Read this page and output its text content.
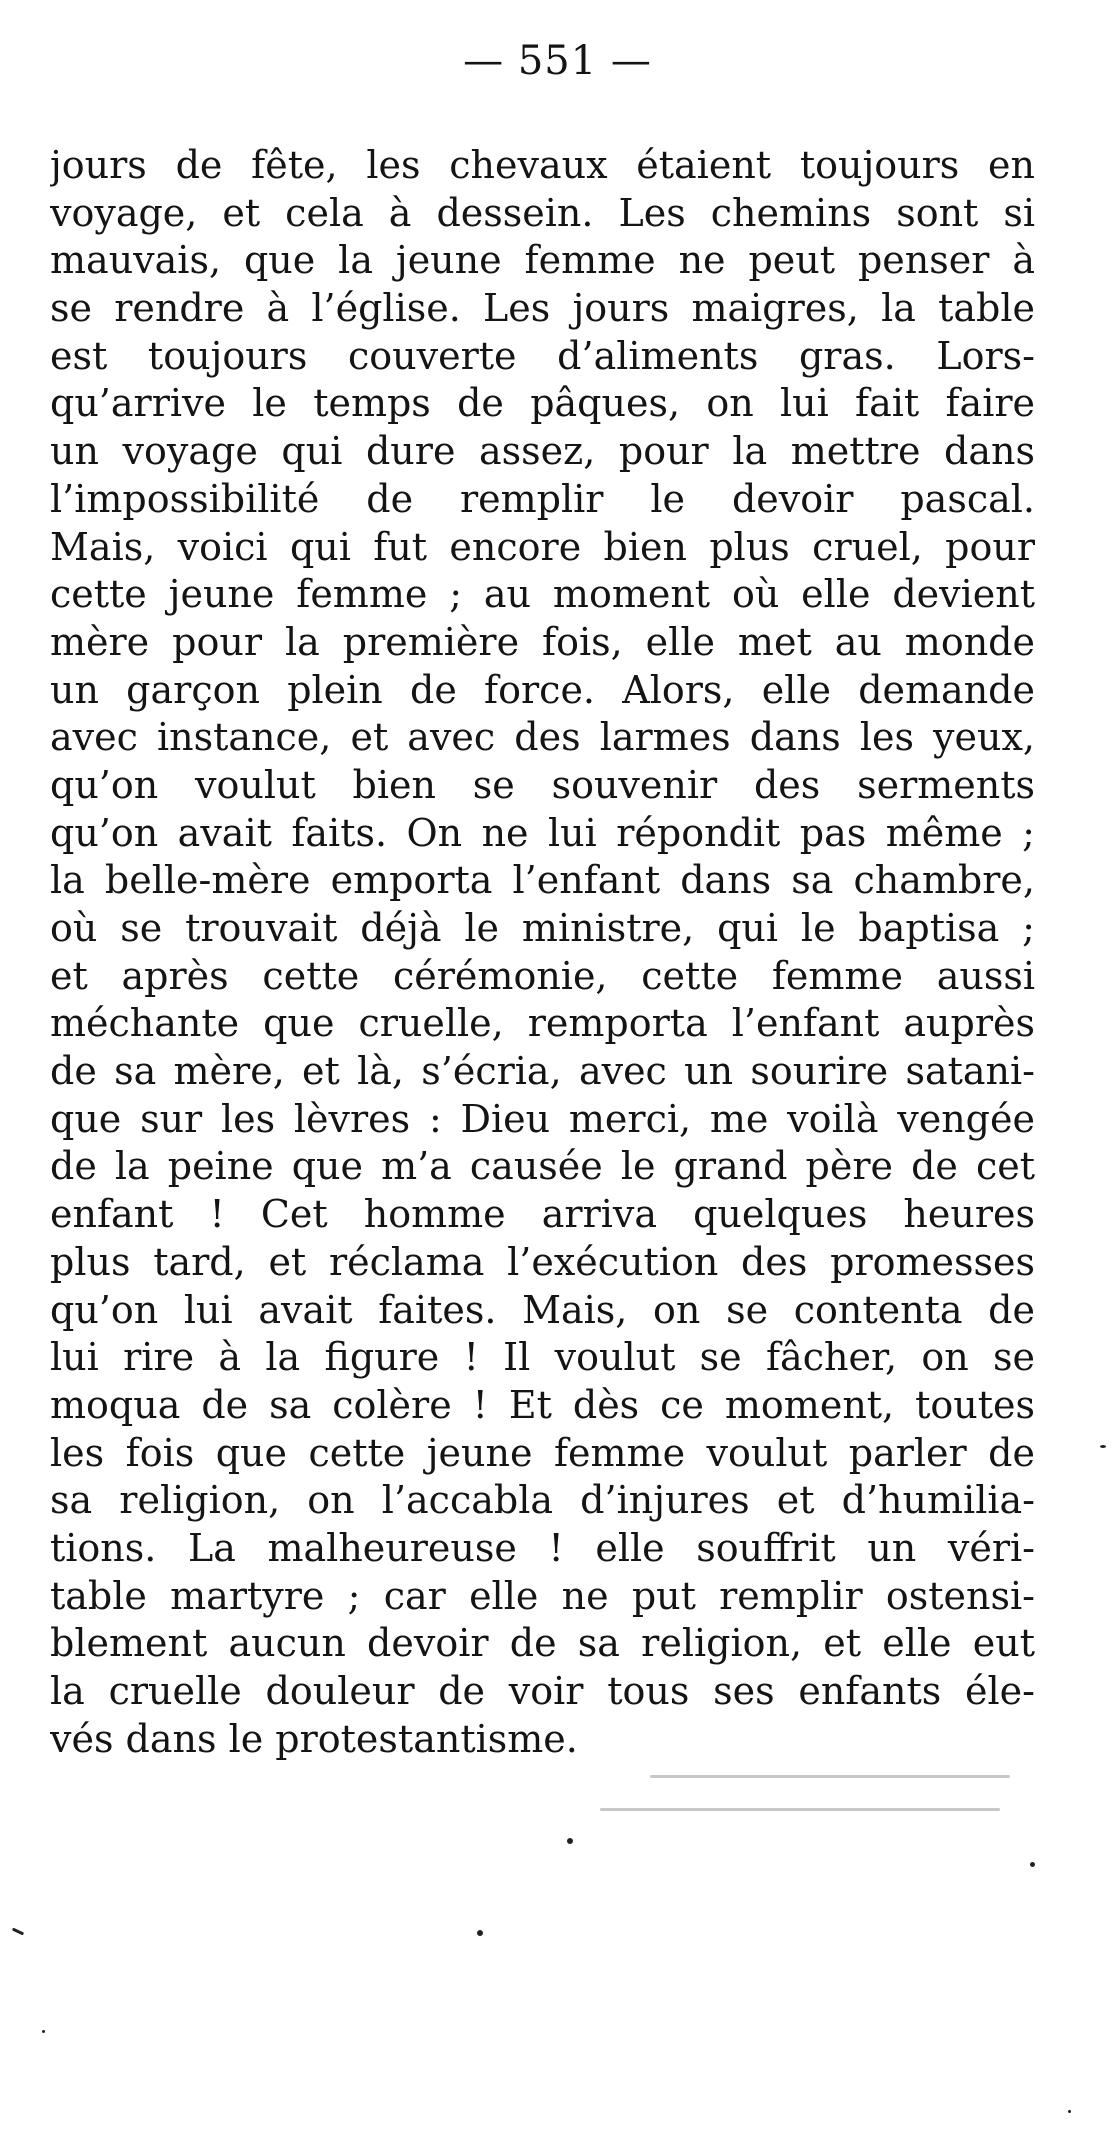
— 551 —
jours de fête, les chevaux étaient toujours en
voyage, et cela à dessein. Les chemins sont si
mauvais, que la jeune femme ne peut penser à
se rendre à l’église. Les jours maigres, la table
est toujours couverte d’aliments gras. Lors-
qu’arrive le temps de pâques, on lui fait faire
un voyage qui dure assez, pour la mettre dans
l’impossibilité de remplir le devoir pascal.
Mais, voici qui fut encore bien plus cruel, pour
cette jeune femme ; au moment où elle devient
mère pour la première fois, elle met au monde
un garçon plein de force. Alors, elle demande
avec instance, et avec des larmes dans les yeux,
qu’on voulut bien se souvenir des serments
qu’on avait faits. On ne lui répondit pas même ;
la belle-mère emporta l’enfant dans sa chambre,
où se trouvait déjà le ministre, qui le baptisa ;
et après cette cérémonie, cette femme aussi
méchante que cruelle, remporta l’enfant auprès
de sa mère, et là, s’écria, avec un sourire satani-
que sur les lèvres : Dieu merci, me voilà vengée
de la peine que m’a causée le grand père de cet
enfant ! Cet homme arriva quelques heures
plus tard, et réclama l’exécution des promesses
qu’on lui avait faites. Mais, on se contenta de
lui rire à la figure ! Il voulut se fâcher, on se
moqua de sa colère ! Et dès ce moment, toutes
les fois que cette jeune femme voulut parler de
sa religion, on l’accabla d’injures et d’humilia-
tions. La malheureuse ! elle souffrit un véri-
table martyre ; car elle ne put remplir ostensi-
blement aucun devoir de sa religion, et elle eut
la cruelle douleur de voir tous ses enfants éle-
vés dans le protestantisme.
